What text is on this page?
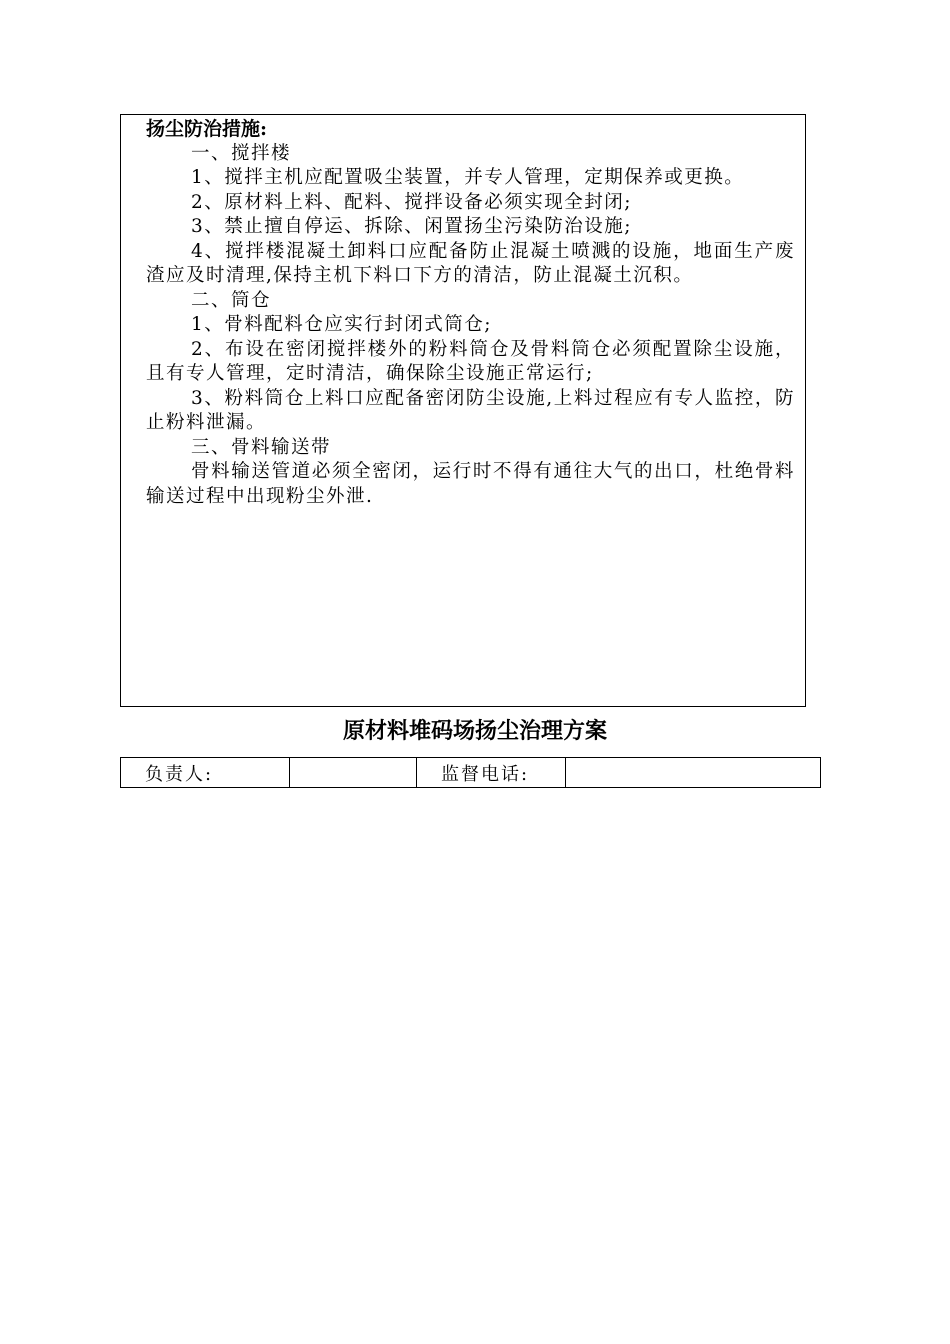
扬尘防治措施:

一、搅拌楼

1、搅拌主机应配置吸尘装置，并专人管理，定期保养或更换。

2、原材料上料、配料、搅拌设备必须实现全封闭;

3、禁止擅自停运、拆除、闲置扬尘污染防治设施;

4、搅拌楼混凝土卸料口应配备防止混凝土喷溅的设施，地面生产废渣应及时清理,保持主机下料口下方的清洁，防止混凝土沉积。

二、筒仓

1、骨料配料仓应实行封闭式筒仓;

2、布设在密闭搅拌楼外的粉料筒仓及骨料筒仓必须配置除尘设施，且有专人管理，定时清洁，确保除尘设施正常运行;

3、粉料筒仓上料口应配备密闭防尘设施,上料过程应有专人监控，防止粉料泄漏。

三、骨料输送带

骨料输送管道必须全密闭，运行时不得有通往大气的出口，杜绝骨料输送过程中出现粉尘外泄.

原材料堆码场扬尘治理方案
负责人:		监督电话:	
